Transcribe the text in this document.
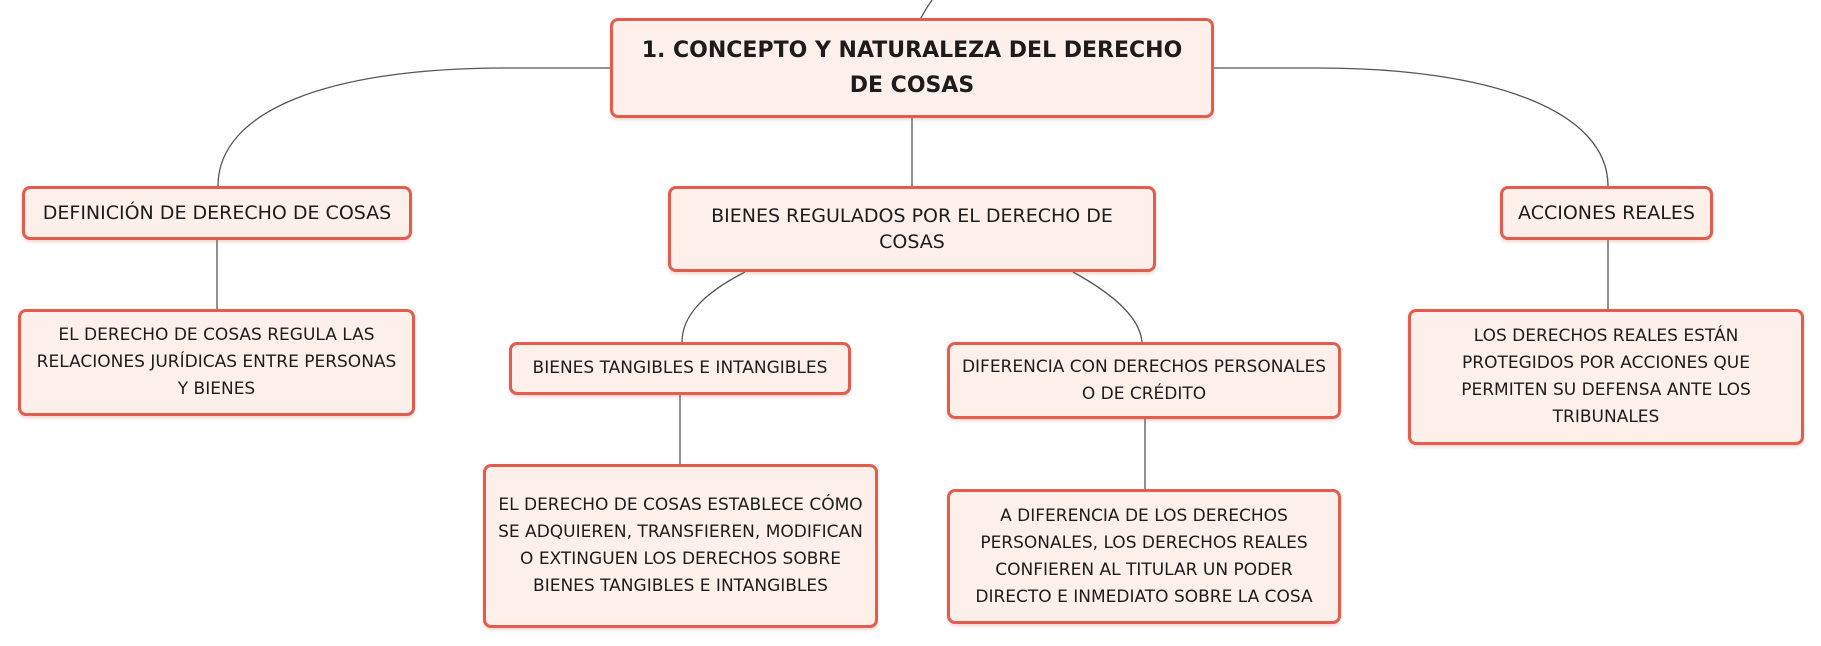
1. CONCEPTO Y NATURALEZA DEL DERECHO DE COSAS
DEFINICIÓN DE DERECHO DE COSAS
EL DERECHO DE COSAS REGULA LAS RELACIONES JURÍDICAS ENTRE PERSONAS Y BIENES
BIENES REGULADOS POR EL DERECHO DE COSAS
BIENES TANGIBLES E INTANGIBLES
EL DERECHO DE COSAS ESTABLECE CÓMO SE ADQUIEREN, TRANSFIEREN, MODIFICAN O EXTINGUEN LOS DERECHOS SOBRE BIENES TANGIBLES E INTANGIBLES
DIFERENCIA CON DERECHOS PERSONALES O DE CRÉDITO
A DIFERENCIA DE LOS DERECHOS PERSONALES, LOS DERECHOS REALES CONFIEREN AL TITULAR UN PODER DIRECTO E INMEDIATO SOBRE LA COSA
ACCIONES REALES
LOS DERECHOS REALES ESTÁN PROTEGIDOS POR ACCIONES QUE PERMITEN SU DEFENSA ANTE LOS TRIBUNALES
